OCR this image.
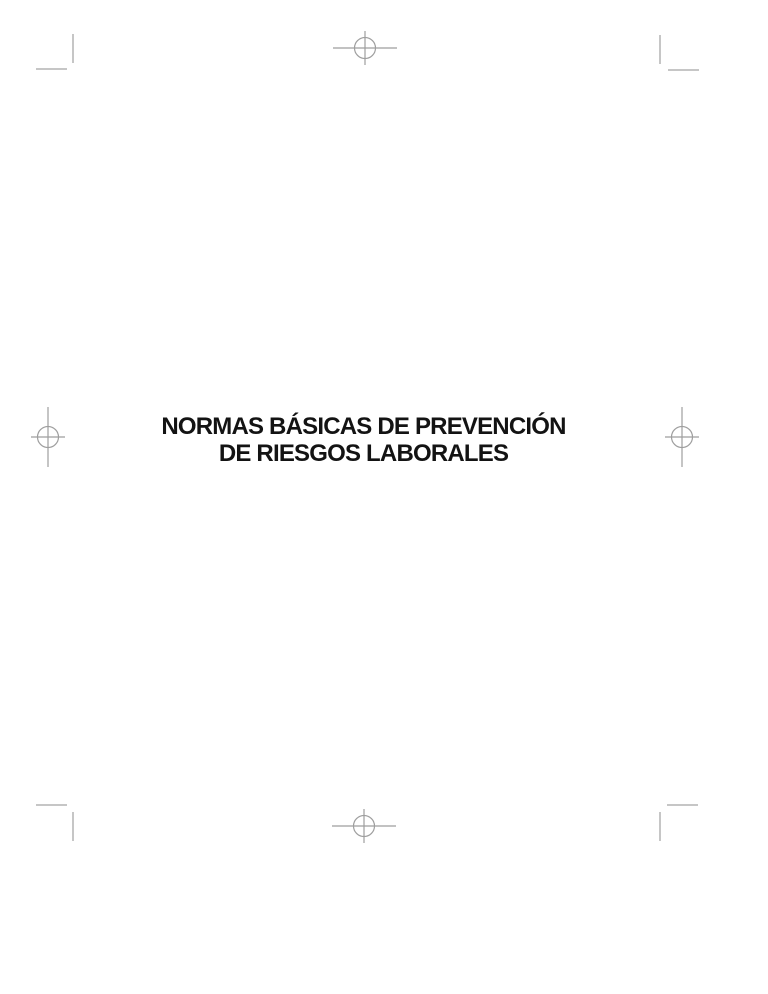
NORMAS BÁSICAS DE PREVENCIÓN
DE RIESGOS LABORALES
